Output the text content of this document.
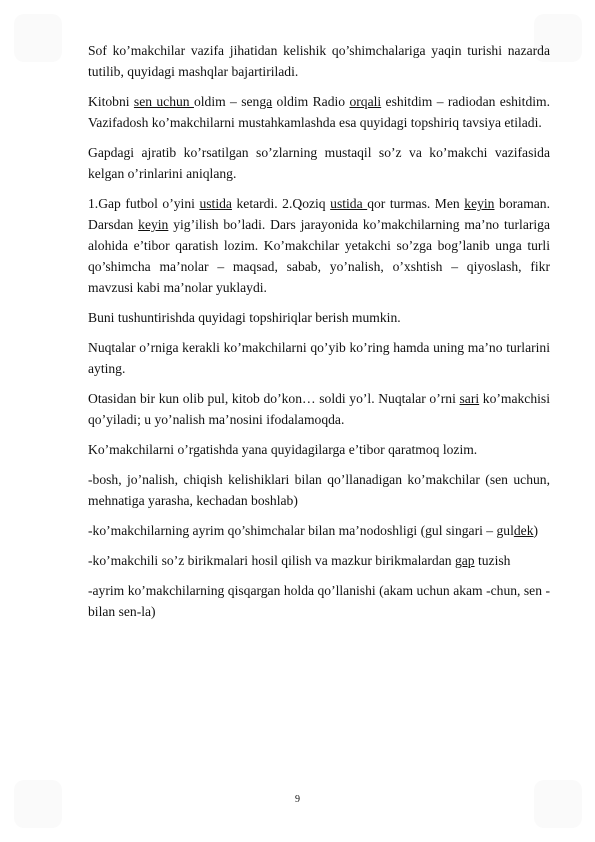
Sof ko’makchilar vazifa jihatidan kelishik qo’shimchalariga yaqin turishi nazarda tutilib, quyidagi mashqlar bajartiriladi.

Kitobni sen uchun oldim – senga oldim Radio orqali eshitdim – radiodan eshitdim. Vazifadosh ko’makchilarni mustahkamlashda esa quyidagi topshiriq tavsiya etiladi.

Gapdagi ajratib ko’rsatilgan so’zlarning mustaqil so’z va ko’makchi vazifasida kelgan o’rinlarini aniqlang.

1.Gap futbol o’yini ustida ketardi. 2.Qoziq ustida qor turmas. Men keyin boraman. Darsdan keyin yig’ilish bo’ladi. Dars jarayonida ko’makchilarning ma’no turlariga alohida e’tibor qaratish lozim. Ko’makchilar yetakchi so’zga bog’lanib unga turli qo’shimcha ma’nolar – maqsad, sabab, yo’nalish, o’xshtish – qiyoslash, fikr mavzusi kabi ma’nolar yuklaydi.

Buni tushuntirishda quyidagi topshiriqlar berish mumkin.

Nuqtalar o’rniga kerakli ko’makchilarni qo’yib ko’ring hamda uning ma’no turlarini ayting.

Otasidan bir kun olib pul, kitob do’kon… soldi yo’l. Nuqtalar o’rni sari ko’makchisi qo’yiladi; u yo’nalish ma’nosini ifodalamoqda.

Ko’makchilarni o’rgatishda yana quyidagilarga e’tibor qaratmoq lozim.

-bosh, jo’nalish, chiqish kelishiklari bilan qo’llanadigan ko’makchilar (sen uchun, mehnatiga yarasha, kechadan boshlab)

-ko’makchilarning ayrim qo’shimchalar bilan ma’nodoshligi (gul singari – guldek)

-ko’makchili so’z birikmalari hosil qilish va mazkur birikmalardan gap tuzish

-ayrim ko’makchilarning qisqargan holda qo’llanishi (akam uchun akam -chun, sen -bilan sen-la)

9
